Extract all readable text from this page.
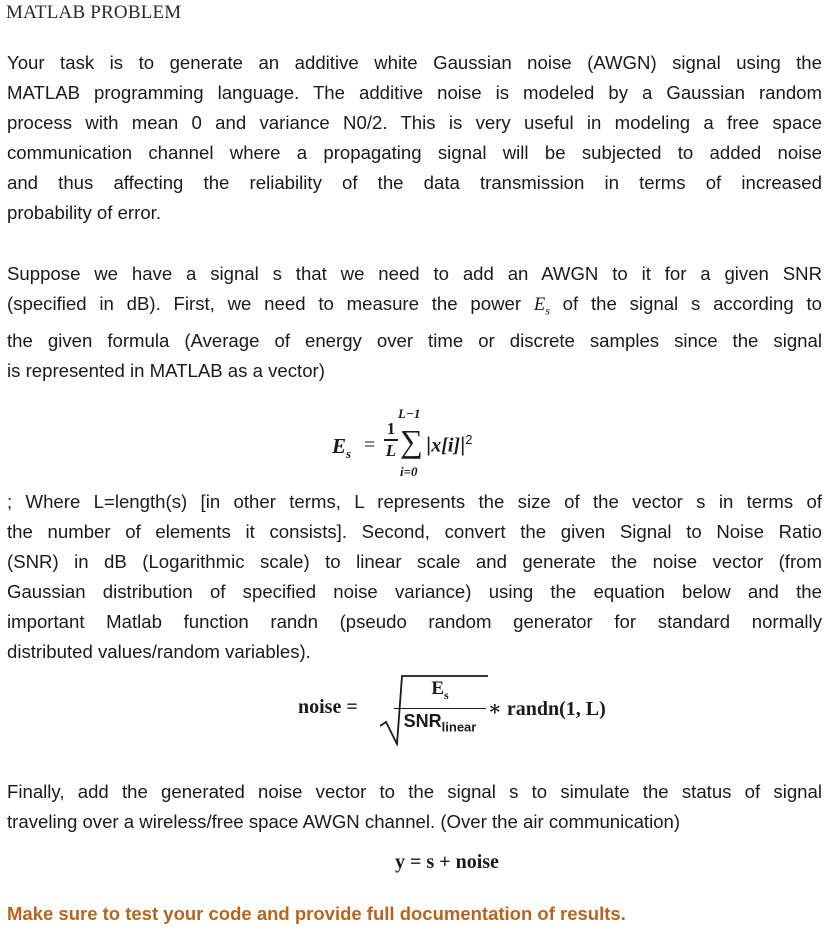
MATLAB PROBLEM
Your task is to generate an additive white Gaussian noise (AWGN) signal using the
MATLAB programming language. The additive noise is modeled by a Gaussian random
process with mean 0 and variance N0/2. This is very useful in modeling a free space
communication channel where a propagating signal will be subjected to added noise
and thus affecting the reliability of the data transmission in terms of increased
probability of error.
Suppose we have a signal s that we need to add an AWGN to it for a given SNR
(specified in dB). First, we need to measure the power $E_s$ of the signal s according to
the given formula (Average of energy over time or discrete samples since the signal
is represented in MATLAB as a vector)
$E_s$ =
1
L
L−1
∑
i=0
$|x[i]|^2$
; Where L=length(s) [in other terms, L represents the size of the vector s in terms of
the number of elements it consists]. Second, convert the given Signal to Noise Ratio
(SNR) in dB (Logarithmic scale) to linear scale and generate the noise vector (from
Gaussian distribution of specified noise variance) using the equation below and the
important Matlab function randn (pseudo random generator for standard normally
distributed values/random variables).
noise =
$E_s$
$SNR_{linear}$
∗ randn(1, L)
Finally, add the generated noise vector to the signal s to simulate the status of signal
traveling over a wireless/free space AWGN channel. (Over the air communication)
y = s + noise
Make sure to test your code and provide full documentation of results.
